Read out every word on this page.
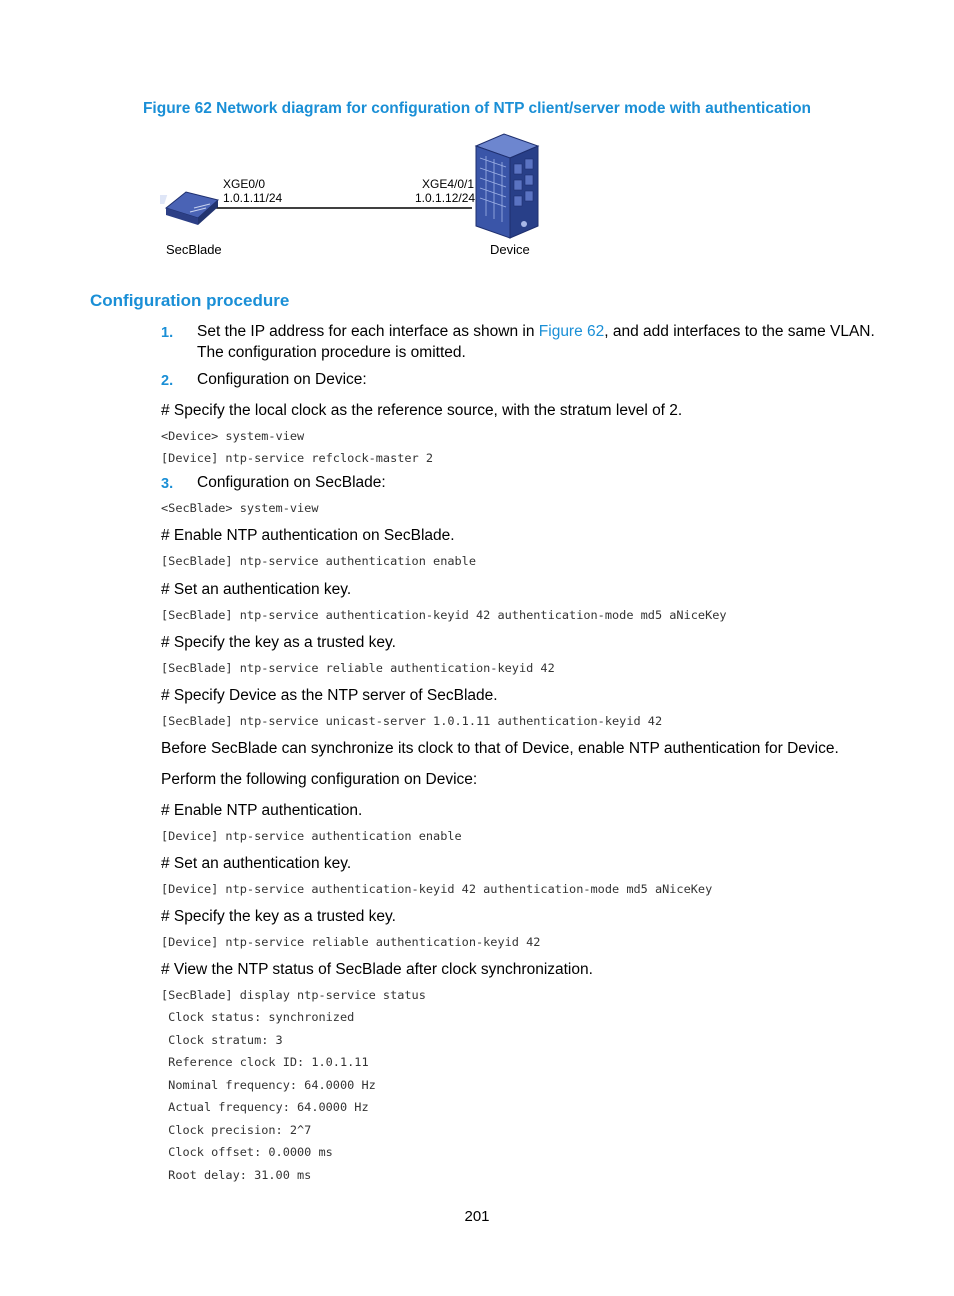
Figure 62 Network diagram for configuration of NTP client/server mode with authentication
XGE0/0
1.0.1.11/24
XGE4/0/1
1.0.1.12/24
SecBlade	Device
Configuration procedure
1. Set the IP address for each interface as shown in Figure 62, and add interfaces to the same VLAN.
The configuration procedure is omitted.
2. Configuration on Device:
# Specify the local clock as the reference source, with the stratum level of 2.
<Device> system-view
[Device] ntp-service refclock-master 2
3. Configuration on SecBlade:
<SecBlade> system-view
# Enable NTP authentication on SecBlade.
[SecBlade] ntp-service authentication enable
# Set an authentication key.
[SecBlade] ntp-service authentication-keyid 42 authentication-mode md5 aNiceKey
# Specify the key as a trusted key.
[SecBlade] ntp-service reliable authentication-keyid 42
# Specify Device as the NTP server of SecBlade.
[SecBlade] ntp-service unicast-server 1.0.1.11 authentication-keyid 42
Before SecBlade can synchronize its clock to that of Device, enable NTP authentication for Device.
Perform the following configuration on Device:
# Enable NTP authentication.
[Device] ntp-service authentication enable
# Set an authentication key.
[Device] ntp-service authentication-keyid 42 authentication-mode md5 aNiceKey
# Specify the key as a trusted key.
[Device] ntp-service reliable authentication-keyid 42
# View the NTP status of SecBlade after clock synchronization.
[SecBlade] display ntp-service status
Clock status: synchronized
Clock stratum: 3
Reference clock ID: 1.0.1.11
Nominal frequency: 64.0000 Hz
Actual frequency: 64.0000 Hz
Clock precision: 2^7
Clock offset: 0.0000 ms
Root delay: 31.00 ms
201
